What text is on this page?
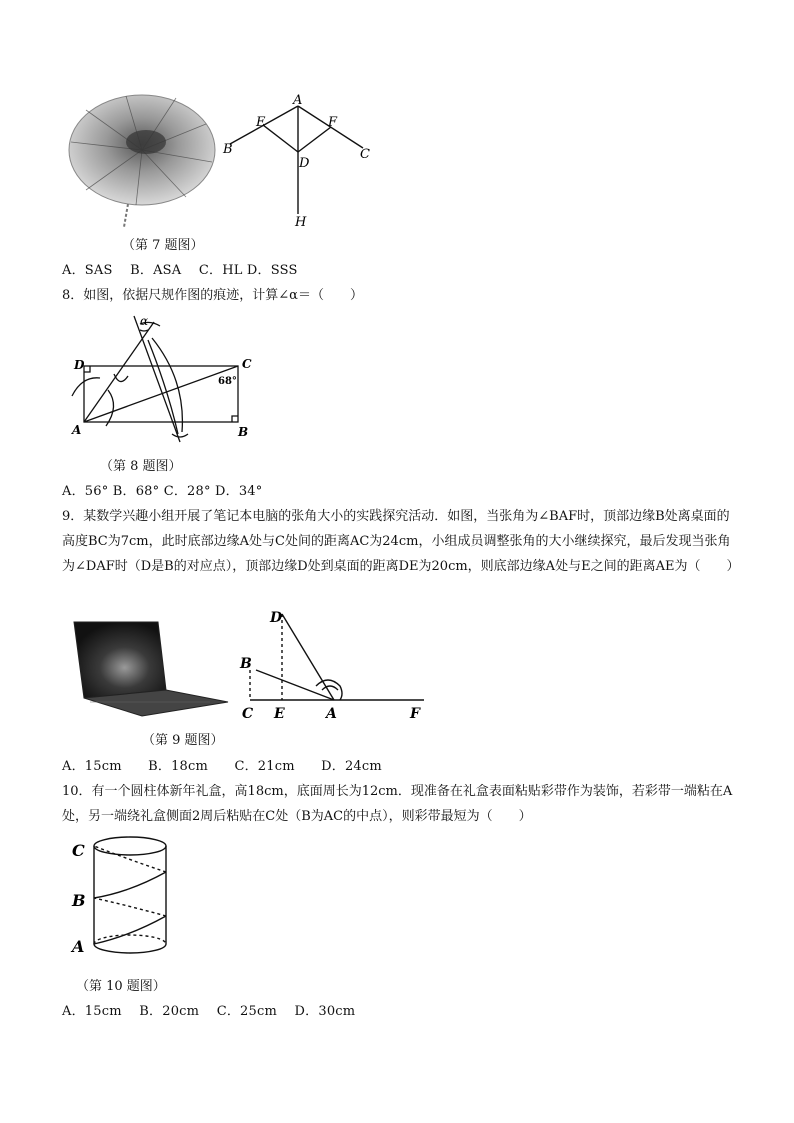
A
E	F
B	C
D
H
（第 7 题图）
A．SAS　 B．ASA　 C．HL D．SSS
8．如图，依据尺规作图的痕迹，计算∠α＝（　　）
α
D	C
68°
A	B
（第 8 题图）
A．56° B．68° C．28° D．34°
9．某数学兴趣小组开展了笔记本电脑的张角大小的实践探究活动．如图，当张角为∠BAF时，顶部边缘B处离桌面的高度BC为7cm，此时底部边缘A处与C处间的距离AC为24cm，小组成员调整张角的大小继续探究，最后发现当张角为∠DAF时（D是B的对应点），顶部边缘D处到桌面的距离DE为20cm，则底部边缘A处与E之间的距离AE为（　　）
D
B
C E	A	F
（第 9 题图）
A．15cm　　B．18cm　　C．21cm　　D．24cm
10．有一个圆柱体新年礼盒，高18cm，底面周长为12cm．现准备在礼盒表面粘贴彩带作为装饰，若彩带一端粘在A处，另一端绕礼盒侧面2周后粘贴在C处（B为AC的中点），则彩带最短为（　　）
C
B
A
（第 10 题图）
A．15cm　 B．20cm　 C．25cm　 D．30cm
